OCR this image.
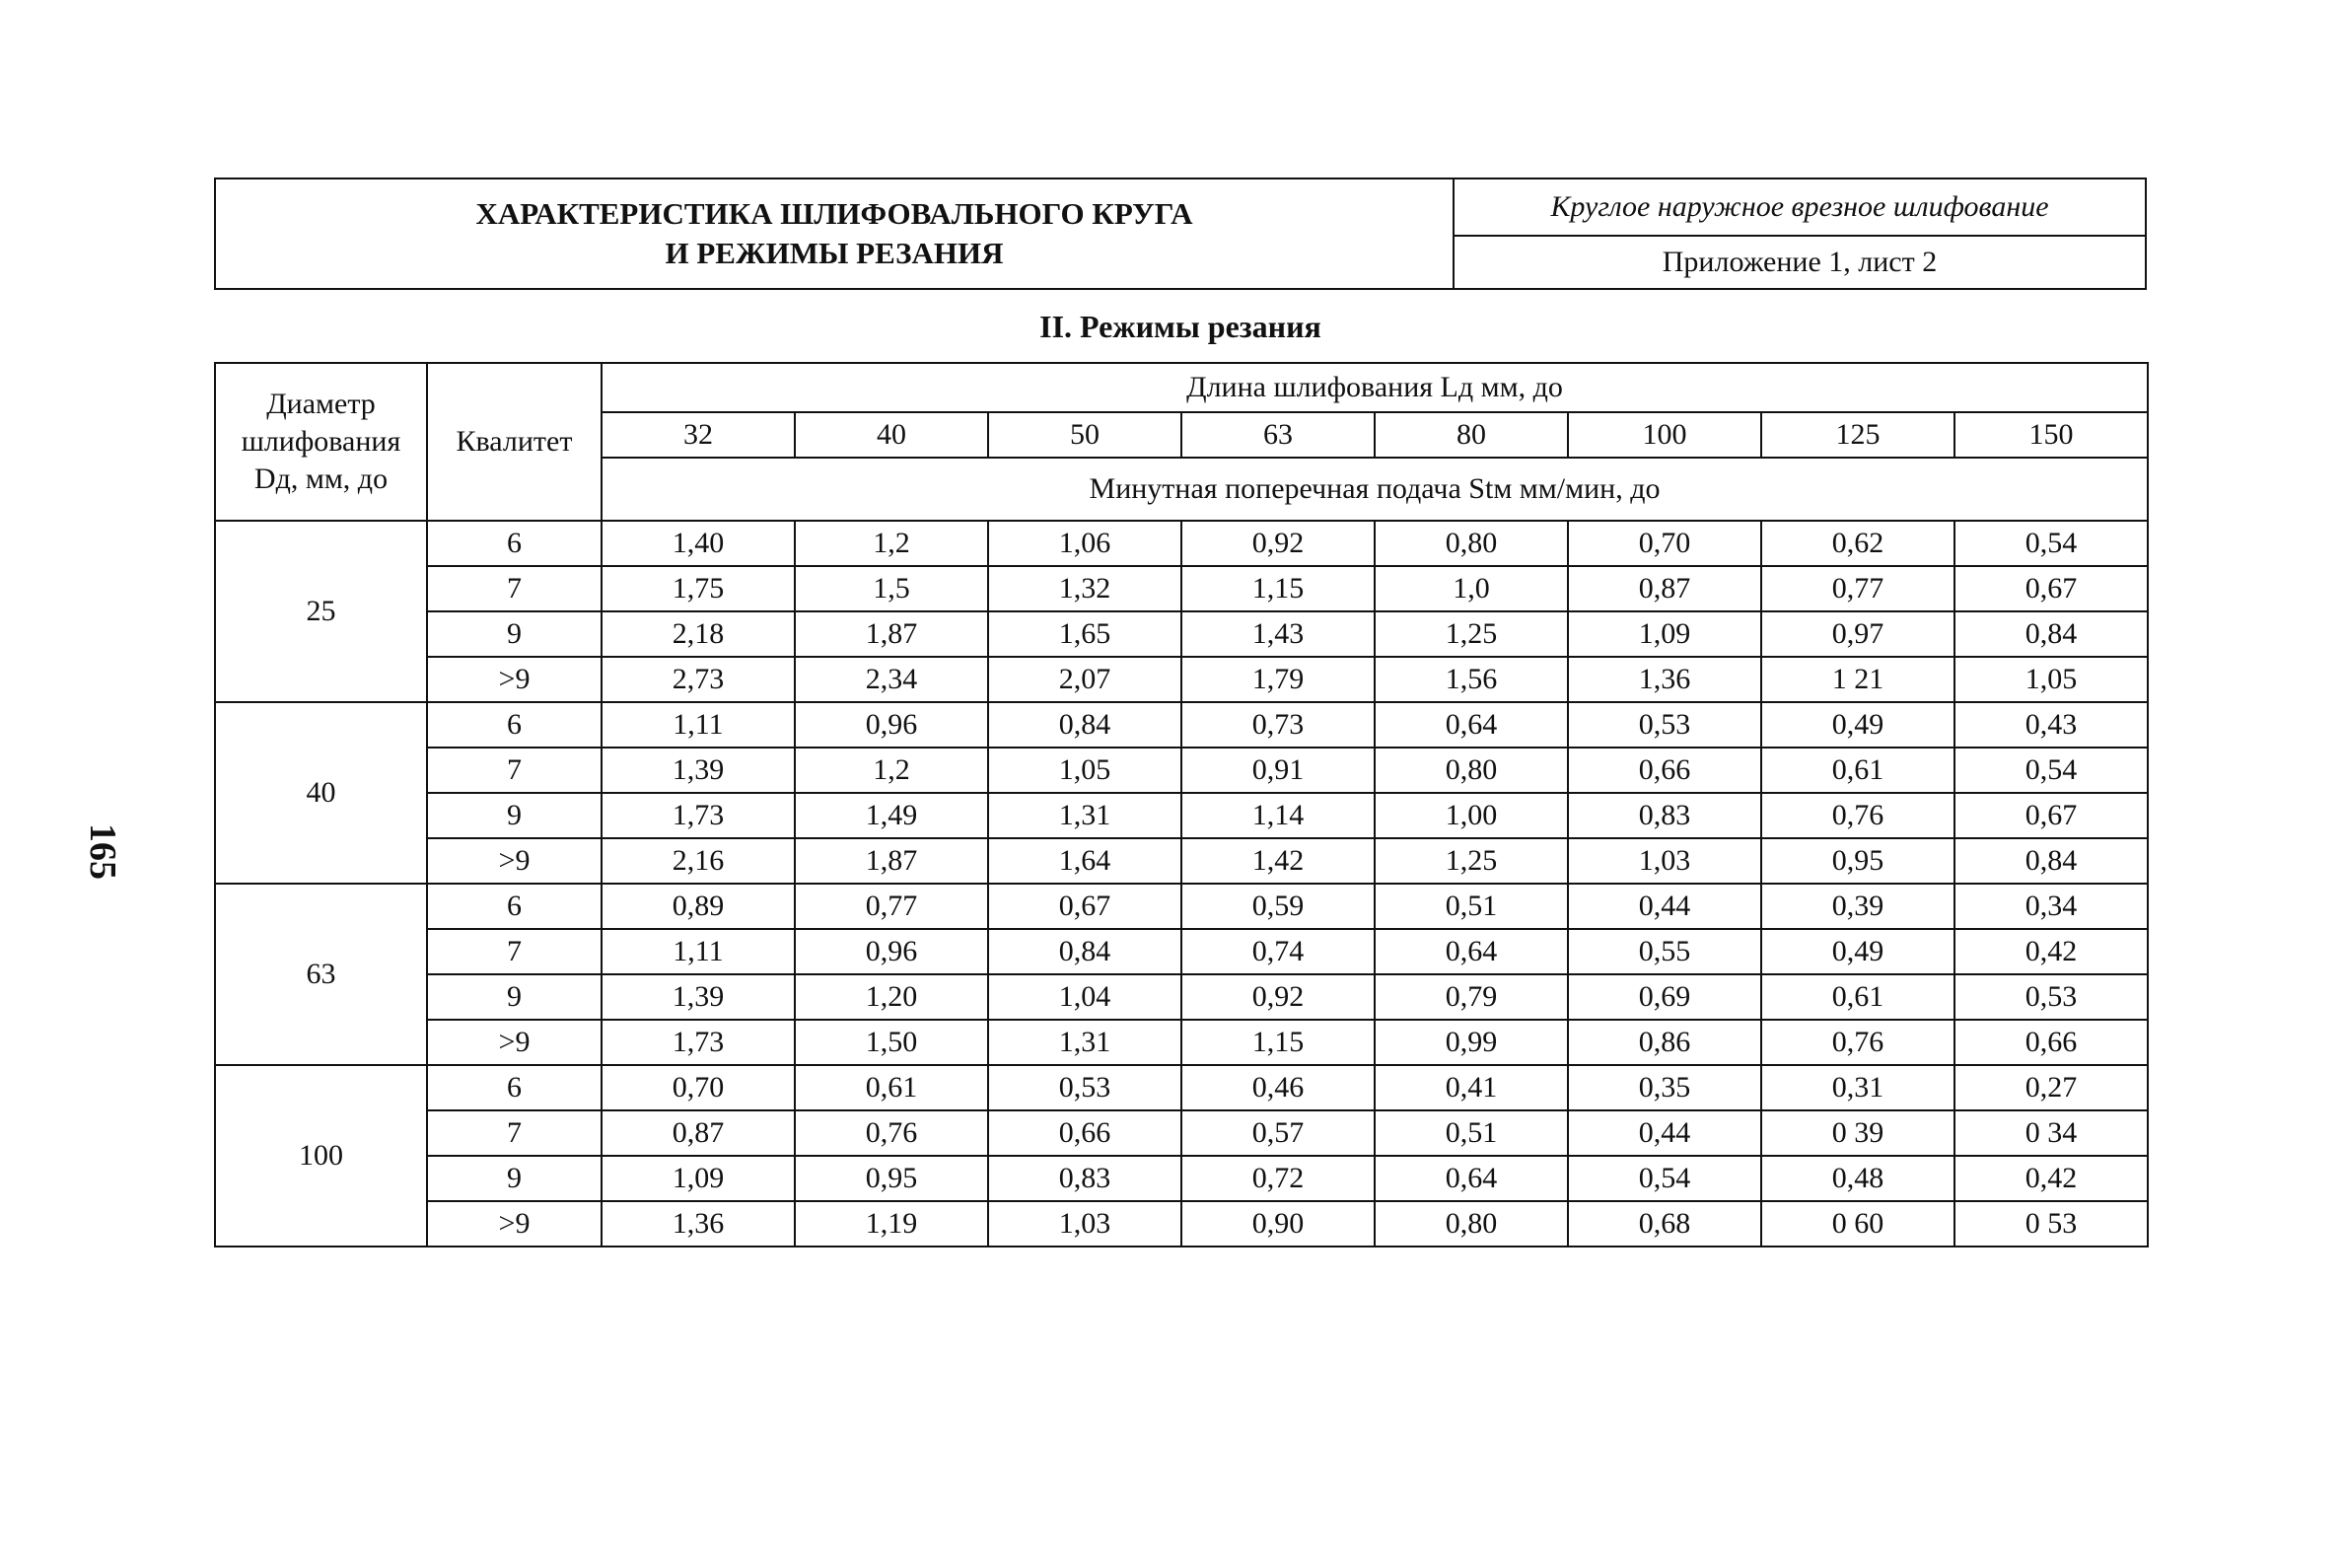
165
ХАРАКТЕРИСТИКА ШЛИФОВАЛЬНОГО КРУГА
И РЕЖИМЫ РЕЗАНИЯ
Круглое наружное врезное шлифование
Приложение 1, лист 2
II. Режимы резания
Диаметр шлифования Dд, мм, до	Квалитет	Длина шлифования Lд мм, до							
		32	40	50	63	80	100	125	150
		Минутная поперечная подача Stм мм/мин, до							
25	6	1,40	1,2	1,06	0,92	0,80	0,70	0,62	0,54
	7	1,75	1,5	1,32	1,15	1,0	0,87	0,77	0,67
	9	2,18	1,87	1,65	1,43	1,25	1,09	0,97	0,84
	>9	2,73	2,34	2,07	1,79	1,56	1,36	1 21	1,05
40	6	1,11	0,96	0,84	0,73	0,64	0,53	0,49	0,43
	7	1,39	1,2	1,05	0,91	0,80	0,66	0,61	0,54
	9	1,73	1,49	1,31	1,14	1,00	0,83	0,76	0,67
	>9	2,16	1,87	1,64	1,42	1,25	1,03	0,95	0,84
63	6	0,89	0,77	0,67	0,59	0,51	0,44	0,39	0,34
	7	1,11	0,96	0,84	0,74	0,64	0,55	0,49	0,42
	9	1,39	1,20	1,04	0,92	0,79	0,69	0,61	0,53
	>9	1,73	1,50	1,31	1,15	0,99	0,86	0,76	0,66
100	6	0,70	0,61	0,53	0,46	0,41	0,35	0,31	0,27
	7	0,87	0,76	0,66	0,57	0,51	0,44	0 39	0 34
	9	1,09	0,95	0,83	0,72	0,64	0,54	0,48	0,42
	>9	1,36	1,19	1,03	0,90	0,80	0,68	0 60	0 53
